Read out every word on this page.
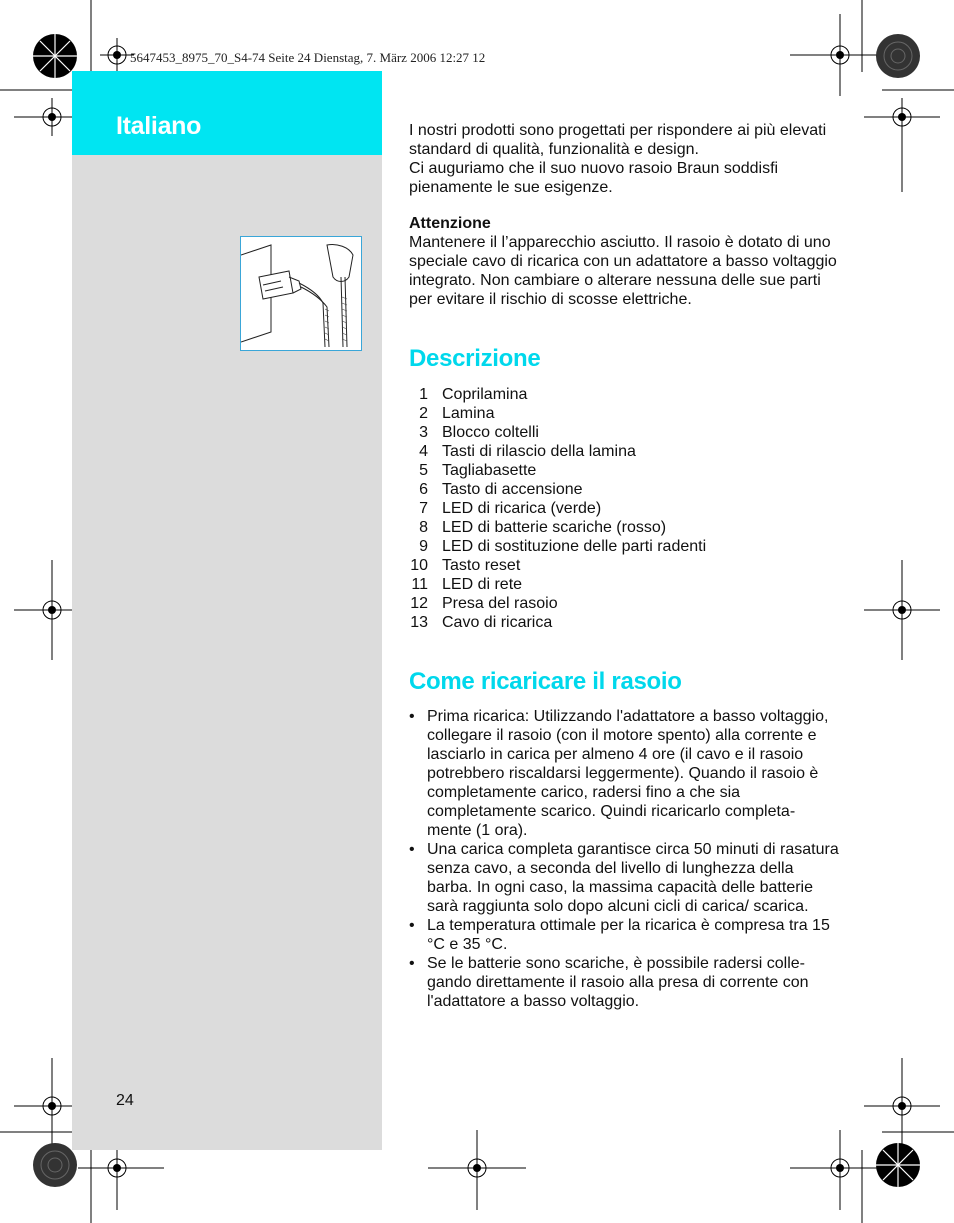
5647453_8975_70_S4-74 Seite 24 Dienstag, 7. März 2006 12:27 12
Italiano
24

I nostri prodotti sono progettati per rispondere ai più elevati standard di qualità, funzionalità e design.

Ci auguriamo che il suo nuovo rasoio Braun soddisfi pienamente le sue esigenze.

Attenzione

Mantenere il l’apparecchio asciutto. Il rasoio è dotato di uno speciale cavo di ricarica con un adattatore a basso voltaggio integrato. Non cambiare o alterare nessuna delle sue parti per evitare il rischio di scosse elettriche.

Descrizione
1 Coprilamina
2 Lamina
3 Blocco coltelli
4 Tasti di rilascio della lamina
5 Tagliabasette
6 Tasto di accensione
7 LED di ricarica (verde)
8 LED di batterie scariche (rosso)
9 LED di sostituzione delle parti radenti
10 Tasto reset
11 LED di rete
12 Presa del rasoio
13 Cavo di ricarica
Come ricaricare il rasoio
• Prima ricarica: Utilizzando l'adattatore a basso voltaggio, collegare il rasoio (con il motore spento) alla corrente e lasciarlo in carica per almeno 4 ore (il cavo e il rasoio potrebbero riscaldarsi leggermente). Quando il rasoio è completamente carico, radersi fino a che sia completamente scarico. Quindi ricaricarlo completa-mente (1 ora).
• Una carica completa garantisce circa 50 minuti di rasatura senza cavo, a seconda del livello di lunghezza della barba. In ogni caso, la massima capacità delle batterie sarà raggiunta solo dopo alcuni cicli di carica/ scarica.
• La temperatura ottimale per la ricarica è compresa tra 15 °C e 35 °C.
• Se le batterie sono scariche, è possibile radersi colle-gando direttamente il rasoio alla presa di corrente con l'adattatore a basso voltaggio.
